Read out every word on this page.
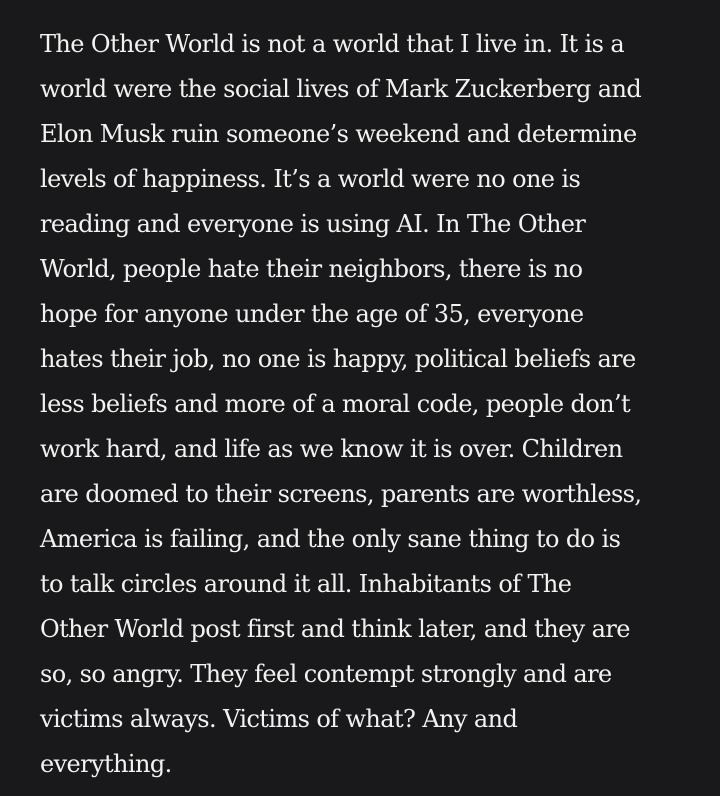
The Other World is not a world that I live in. It is a
world were the social lives of Mark Zuckerberg and
Elon Musk ruin someone’s weekend and determine
levels of happiness. It’s a world were no one is
reading and everyone is using AI. In The Other
World, people hate their neighbors, there is no
hope for anyone under the age of 35, everyone
hates their job, no one is happy, political beliefs are
less beliefs and more of a moral code, people don’t
work hard, and life as we know it is over. Children
are doomed to their screens, parents are worthless,
America is failing, and the only sane thing to do is
to talk circles around it all. Inhabitants of The
Other World post first and think later, and they are
so, so angry. They feel contempt strongly and are
victims always. Victims of what? Any and
everything.
